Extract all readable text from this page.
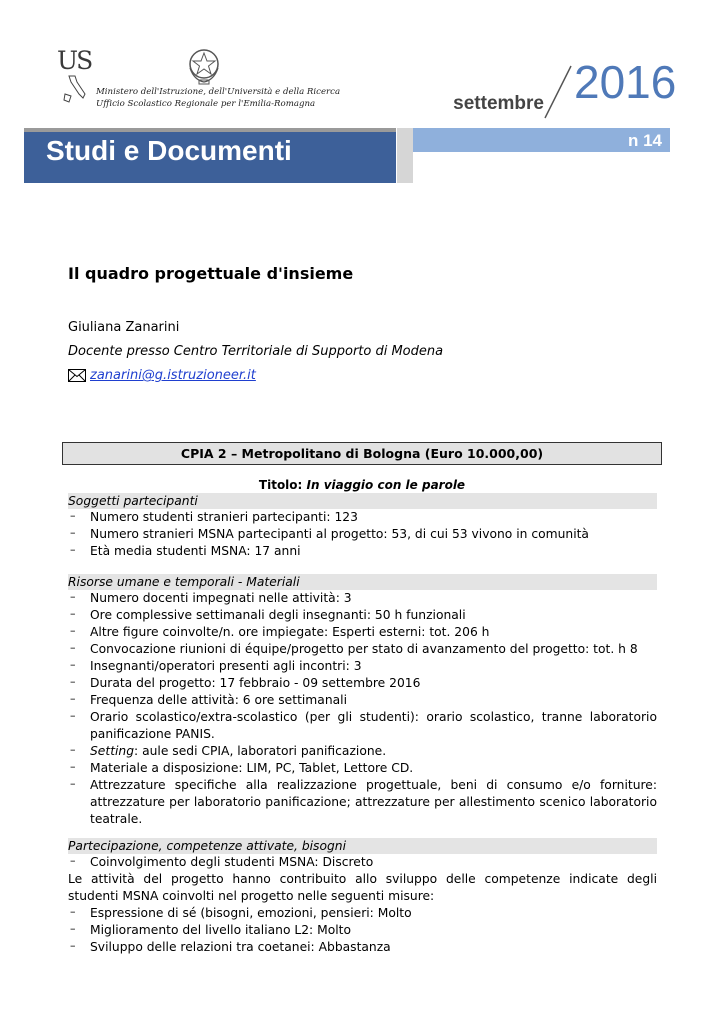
US
Ministero dell'Istruzione, dell'Università e della Ricerca
Ufficio Scolastico Regionale per l'Emilia-Romagna	settembre 2016
Studi e Documenti	n 14
Il quadro progettuale d'insieme
Giuliana Zanarini
Docente presso Centro Territoriale di Supporto di Modena
zanarini@g.istruzioneer.it
CPIA 2 – Metropolitano di Bologna (Euro 10.000,00)
Titolo: In viaggio con le parole
Soggetti partecipanti
– Numero studenti stranieri partecipanti: 123
– Numero stranieri MSNA partecipanti al progetto: 53, di cui 53 vivono in comunità
– Età media studenti MSNA: 17 anni
Risorse umane e temporali - Materiali
– Numero docenti impegnati nelle attività: 3
– Ore complessive settimanali degli insegnanti: 50 h funzionali
– Altre figure coinvolte/n. ore impiegate: Esperti esterni: tot. 206 h
– Convocazione riunioni di équipe/progetto per stato di avanzamento del progetto: tot. h 8
– Insegnanti/operatori presenti agli incontri: 3
– Durata del progetto: 17 febbraio - 09 settembre 2016
– Frequenza delle attività: 6 ore settimanali
– Orario scolastico/extra-scolastico (per gli studenti): orario scolastico, tranne laboratorio panificazione PANIS.
– Setting: aule sedi CPIA, laboratori panificazione.
– Materiale a disposizione: LIM, PC, Tablet, Lettore CD.
– Attrezzature specifiche alla realizzazione progettuale, beni di consumo e/o forniture: attrezzature per laboratorio panificazione; attrezzature per allestimento scenico laboratorio teatrale.
Partecipazione, competenze attivate, bisogni
– Coinvolgimento degli studenti MSNA: Discreto
Le attività del progetto hanno contribuito allo sviluppo delle competenze indicate degli studenti MSNA coinvolti nel progetto nelle seguenti misure:
– Espressione di sé (bisogni, emozioni, pensieri: Molto
– Miglioramento del livello italiano L2: Molto
– Sviluppo delle relazioni tra coetanei: Abbastanza
